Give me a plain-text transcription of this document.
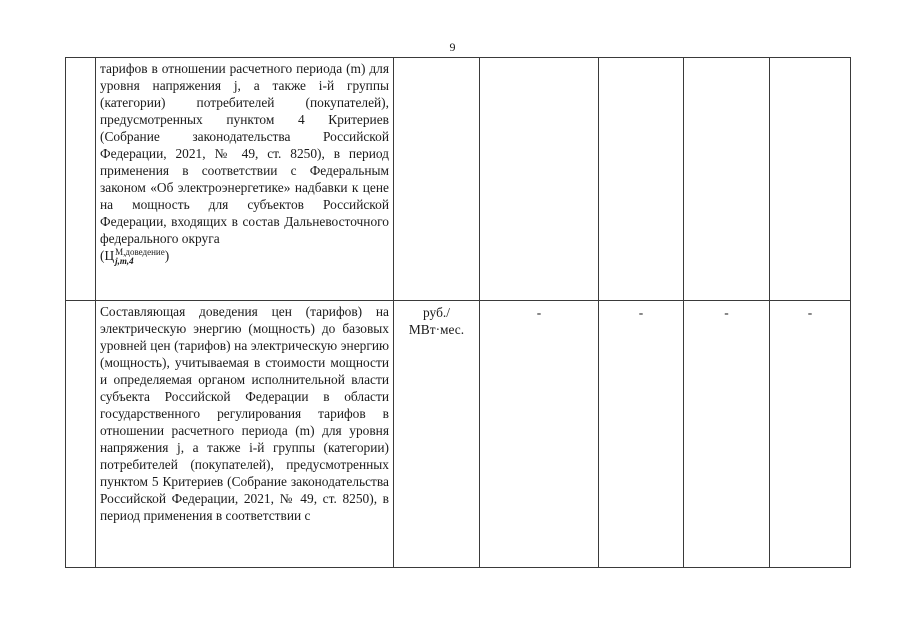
9

	тарифов в отношении расчетного периода (m) для уровня напряжения j, а также i-й группы (категории) потребителей (покупателей), предусмотренных пунктом 4 Критериев (Собрание законодательства Российской Федерации, 2021, № 49, ст. 8250), в период применения в соответствии с Федеральным законом «Об электроэнергетике» надбавки к цене на мощность для субъектов Российской Федерации, входящих в состав Дальневосточного федерального округа
(Ц М,доведение
j,m,4 )					
	Составляющая доведения цен (тарифов) на электрическую энергию (мощность) до базовых уровней цен (тарифов) на электрическую энергию (мощность), учитываемая в стоимости мощности и определяемая органом исполнительной власти субъекта Российской Федерации в области государственного регулирования тарифов в отношении расчетного периода (m) для уровня напряжения j, а также i-й группы (категории) потребителей (покупателей), предусмотренных пунктом 5 Критериев (Собрание законодательства Российской Федерации, 2021, № 49, ст. 8250), в период применения в соответствии с	руб./
МВт·мес.	-	-	-	-
